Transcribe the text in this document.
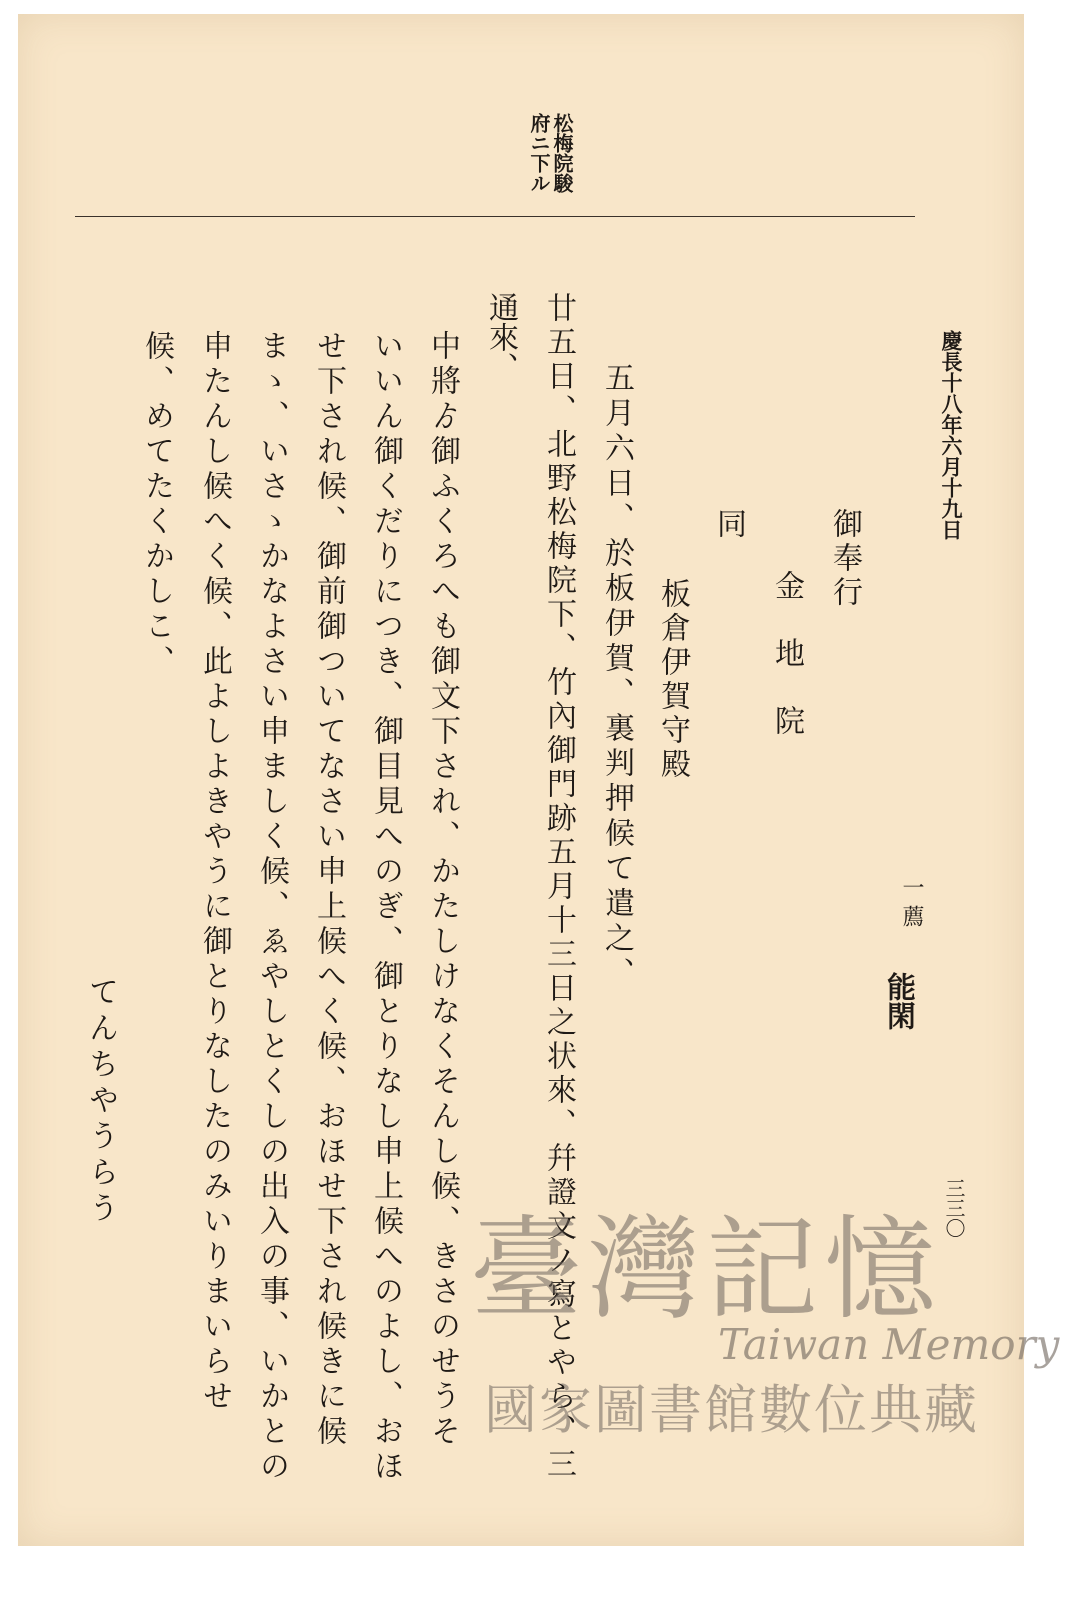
慶長十八年六月十九日
一 薦
能閑
三三〇
松梅院駿
府ニ下ル
御奉行
金 地 院
同
板倉伊賀守殿
五月六日、於板伊賀、裏判押候て遣之、
廿五日、北野松梅院下、竹內御門跡五月十三日之状來、幷證文ノ寫とやら、三
通來、
中將ゟ御ふくろへも御文下され、かたしけなくそんし候、きさのせうそ
いいん御くだりにつき、御目見へのぎ、御とりなし申上候へのよし、おほ
せ下され候、御前御ついてなさい申上候へく候、おほせ下され候きに候
まゝ、いさゝかなよさい申ましく候、ゑやしとくしの出入の事、いかとの
申たんし候へく候、此よしよきやうに御とりなしたのみいりまいらせ
候、めてたくかしこ、
てんちやうらう
臺灣記憶
Taiwan Memory
國家圖書館數位典藏
